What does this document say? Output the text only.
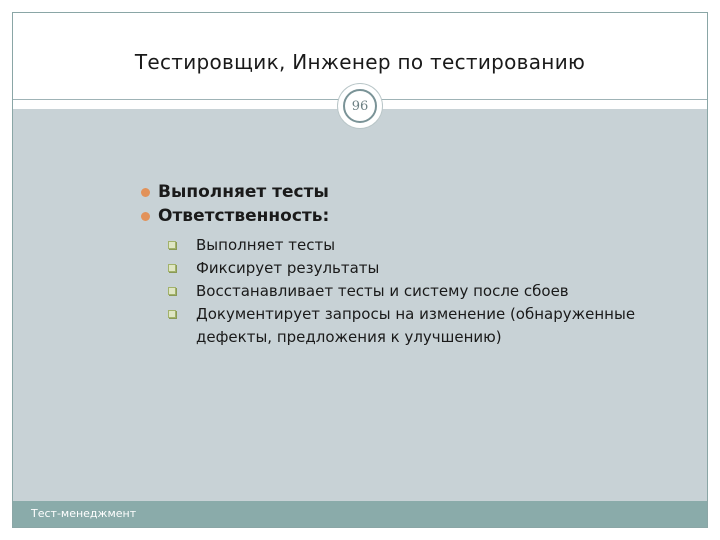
Тестировщик, Инженер по тестированию
96
Тест-менеджмент
Выполняет тесты
Ответственность:
Выполняет тесты
Фиксирует результаты
Восстанавливает тесты и систему после сбоев
Документирует запросы на изменение (обнаруженные дефекты, предложения к улучшению)
